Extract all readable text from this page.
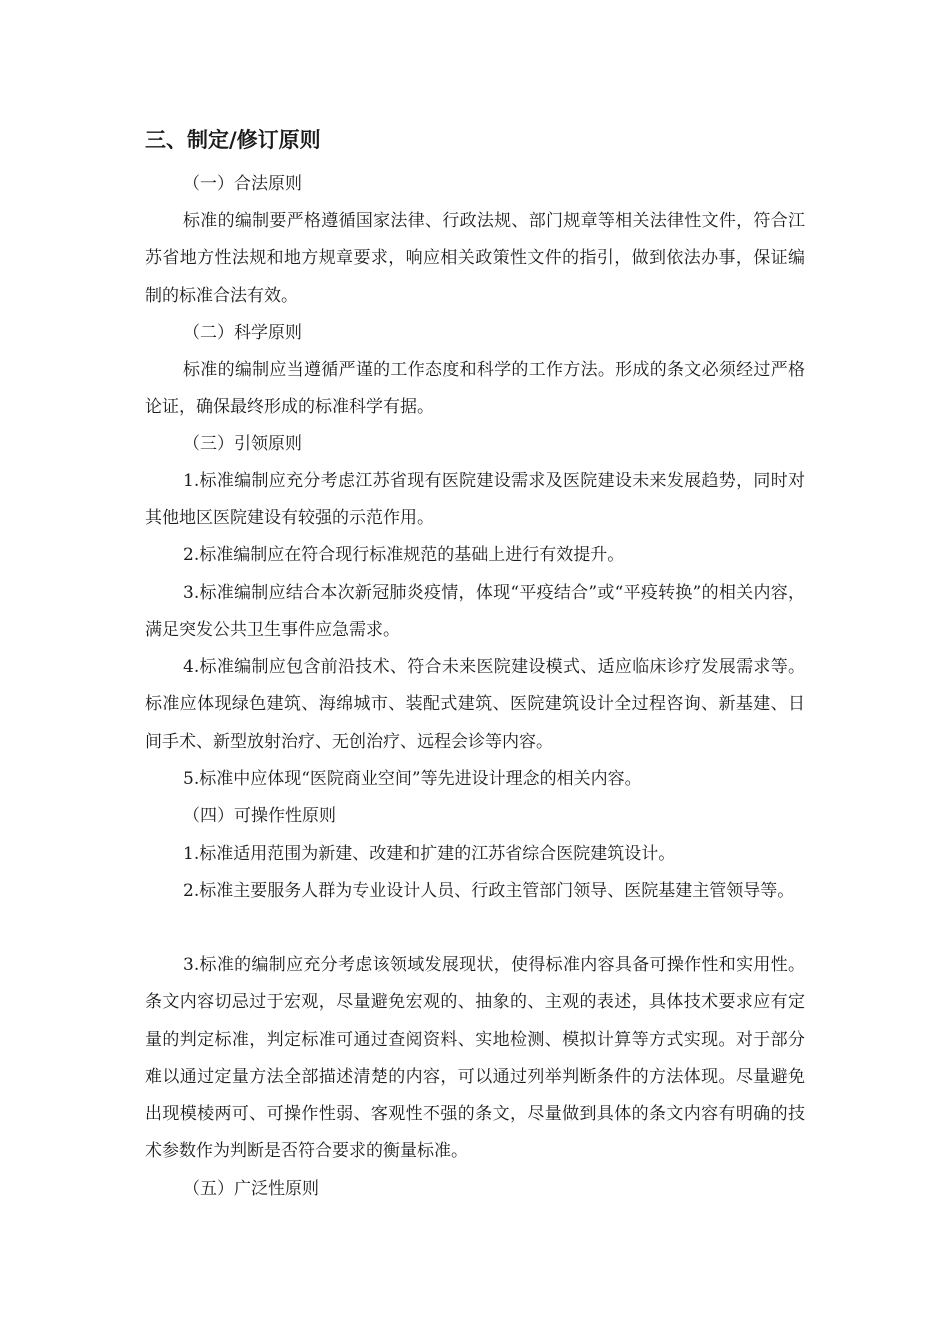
三、制定/修订原则

（一）合法原则

标准的编制要严格遵循国家法律、行政法规、部门规章等相关法律性文件，符合江苏省地方性法规和地方规章要求，响应相关政策性文件的指引，做到依法办事，保证编制的标准合法有效。

（二）科学原则

标准的编制应当遵循严谨的工作态度和科学的工作方法。形成的条文必须经过严格论证，确保最终形成的标准科学有据。

（三）引领原则

1.标准编制应充分考虑江苏省现有医院建设需求及医院建设未来发展趋势，同时对其他地区医院建设有较强的示范作用。

2.标准编制应在符合现行标准规范的基础上进行有效提升。

3.标准编制应结合本次新冠肺炎疫情，体现“平疫结合”或“平疫转换”的相关内容，满足突发公共卫生事件应急需求。

4.标准编制应包含前沿技术、符合未来医院建设模式、适应临床诊疗发展需求等。标准应体现绿色建筑、海绵城市、装配式建筑、医院建筑设计全过程咨询、新基建、日间手术、新型放射治疗、无创治疗、远程会诊等内容。

5.标准中应体现“医院商业空间”等先进设计理念的相关内容。

（四）可操作性原则

1.标准适用范围为新建、改建和扩建的江苏省综合医院建筑设计。

2.标准主要服务人群为专业设计人员、行政主管部门领导、医院基建主管领导等。

3.标准的编制应充分考虑该领域发展现状，使得标准内容具备可操作性和实用性。条文内容切忌过于宏观，尽量避免宏观的、抽象的、主观的表述，具体技术要求应有定量的判定标准，判定标准可通过查阅资料、实地检测、模拟计算等方式实现。对于部分难以通过定量方法全部描述清楚的内容，可以通过列举判断条件的方法体现。尽量避免出现模棱两可、可操作性弱、客观性不强的条文，尽量做到具体的条文内容有明确的技术参数作为判断是否符合要求的衡量标准。

（五）广泛性原则
